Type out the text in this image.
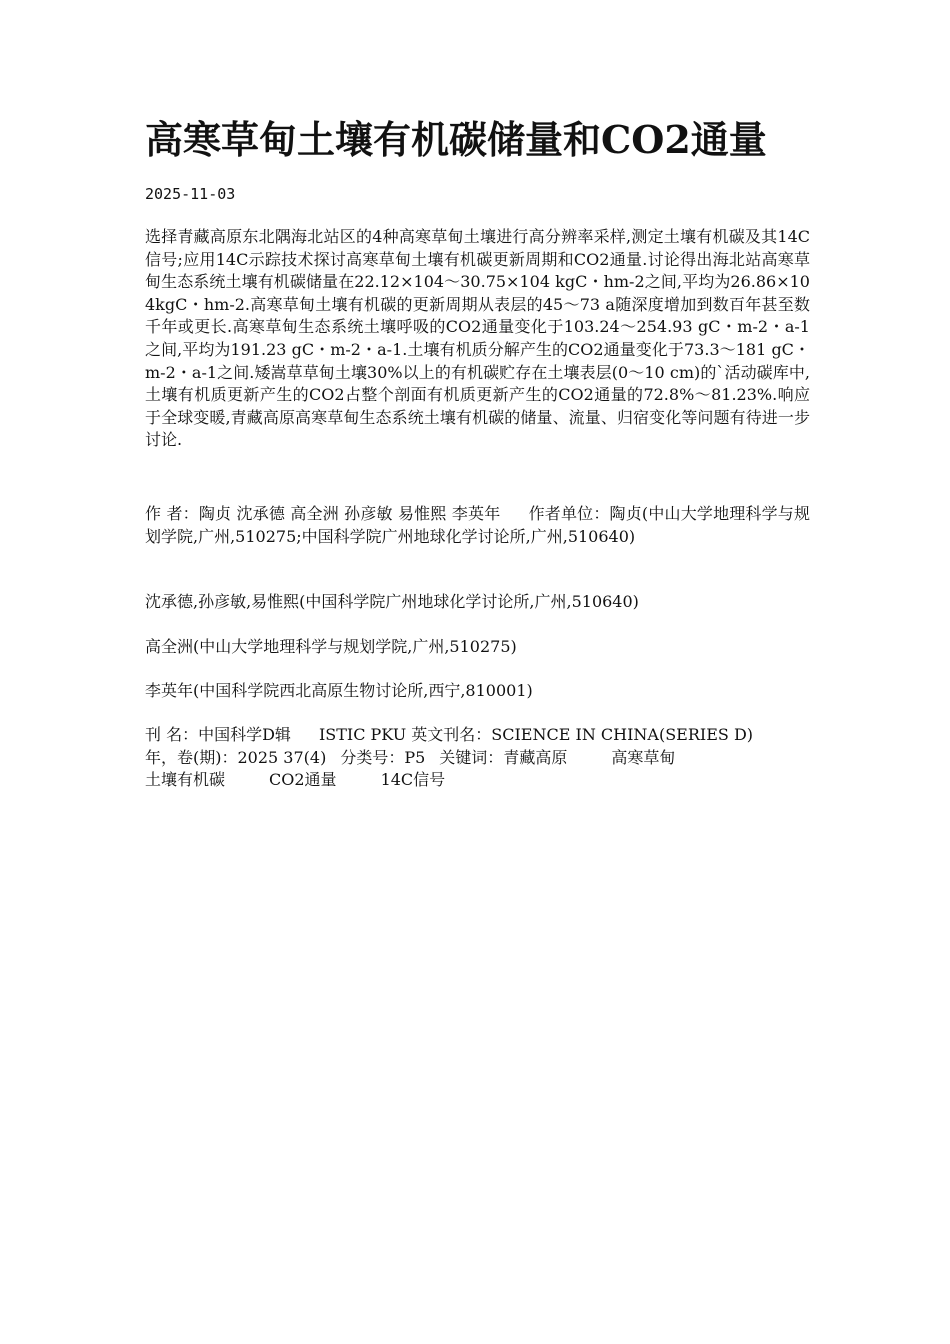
高寒草甸土壤有机碳储量和CO2通量
2025-11-03

选择青藏高原东北隅海北站区的4种高寒草甸土壤进行高分辨率采样,测定土壤有机碳及其14C信号;应用14C示踪技术探讨高寒草甸土壤有机碳更新周期和CO2通量.讨论得出海北站高寒草甸生态系统土壤有机碳储量在22.12×104～30.75×104 kgC・hm-2之间,平均为26.86×104kgC・hm-2.高寒草甸土壤有机碳的更新周期从表层的45～73 a随深度增加到数百年甚至数千年或更长.高寒草甸生态系统土壤呼吸的CO2通量变化于103.24～254.93 gC・m-2・a-1之间,平均为191.23 gC・m-2・a-1.土壤有机质分解产生的CO2通量变化于73.3～181 gC・m-2・a-1之间.矮嵩草草甸土壤30%以上的有机碳贮存在土壤表层(0～10 cm)的`活动碳库中,土壤有机质更新产生的CO2占整个剖面有机质更新产生的CO2通量的72.8%～81.23%.响应于全球变暖,青藏高原高寒草甸生态系统土壤有机碳的储量、流量、归宿变化等问题有待进一步讨论.

作 者：陶贞 沈承德 高全洲 孙彦敏 易惟熙 李英年 作者单位：陶贞(中山大学地理科学与规划学院,广州,510275;中国科学院广州地球化学讨论所,广州,510640)

沈承德,孙彦敏,易惟熙(中国科学院广州地球化学讨论所,广州,510640)

高全洲(中山大学地理科学与规划学院,广州,510275)

李英年(中国科学院西北高原生物讨论所,西宁,810001)

刊 名：中国科学D辑 ISTIC PKU 英文刊名：SCIENCE IN CHINA(SERIES D)
年，卷(期)：2025 37(4) 分类号：P5 关键词：青藏高原	高寒草甸
土壤有机碳	CO2通量	14C信号
